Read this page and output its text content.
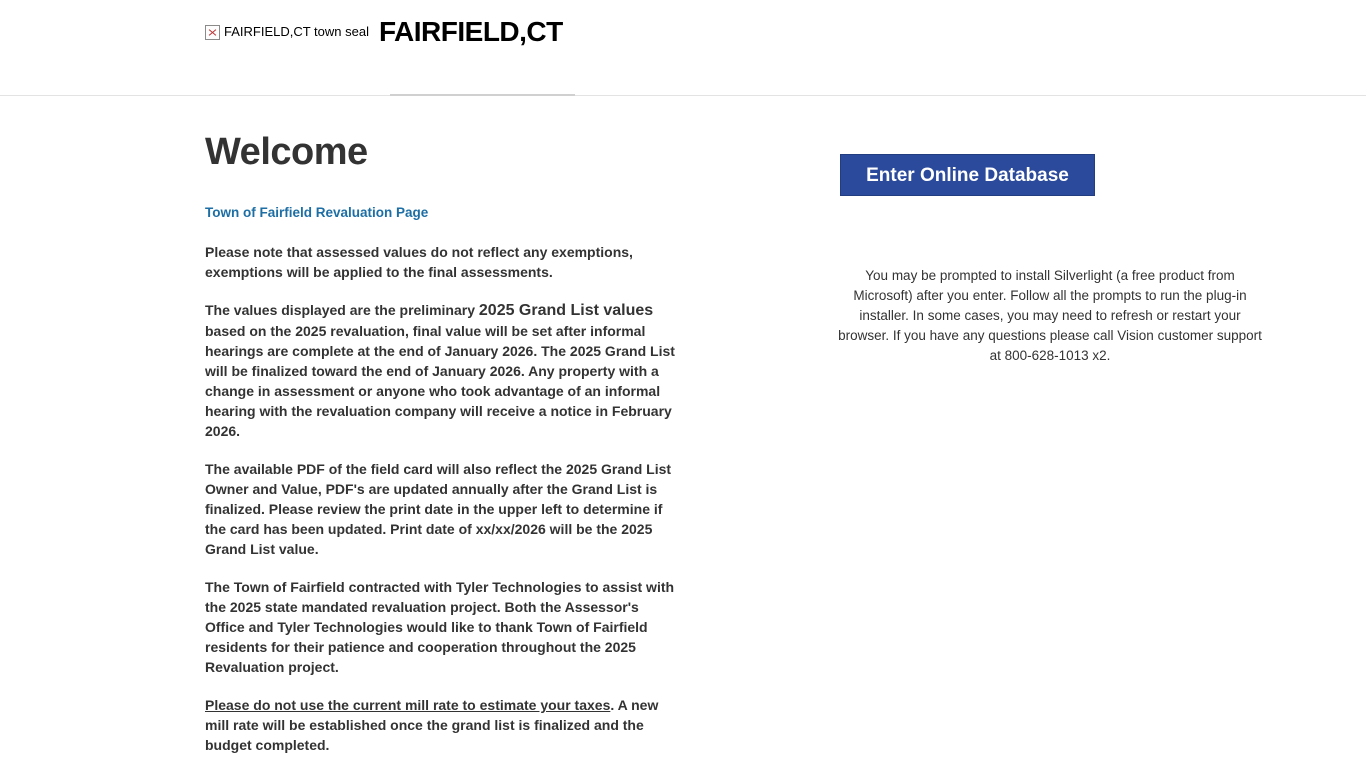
FAIRFIELD,CT town seal FAIRFIELD,CT
Welcome
Town of Fairfield Revaluation Page

Please note that assessed values do not reflect any exemptions, exemptions will be applied to the final assessments.

The values displayed are the preliminary 2025 Grand List values based on the 2025 revaluation, final value will be set after informal hearings are complete at the end of January 2026. The 2025 Grand List will be finalized toward the end of January 2026. Any property with a change in assessment or anyone who took advantage of an informal hearing with the revaluation company will receive a notice in February 2026.

The available PDF of the field card will also reflect the 2025 Grand List Owner and Value, PDF's are updated annually after the Grand List is finalized. Please review the print date in the upper left to determine if the card has been updated. Print date of xx/xx/2026 will be the 2025 Grand List value.

The Town of Fairfield contracted with Tyler Technologies to assist with the 2025 state mandated revaluation project. Both the Assessor's Office and Tyler Technologies would like to thank Town of Fairfield residents for their patience and cooperation throughout the 2025 Revaluation project.

Please do not use the current mill rate to estimate your taxes. A new mill rate will be established once the grand list is finalized and the budget completed.

Enter Online Database
You may be prompted to install Silverlight (a free product from Microsoft) after you enter. Follow all the prompts to run the plug-in installer. In some cases, you may need to refresh or restart your browser. If you have any questions please call Vision customer support at 800-628-1013 x2.
